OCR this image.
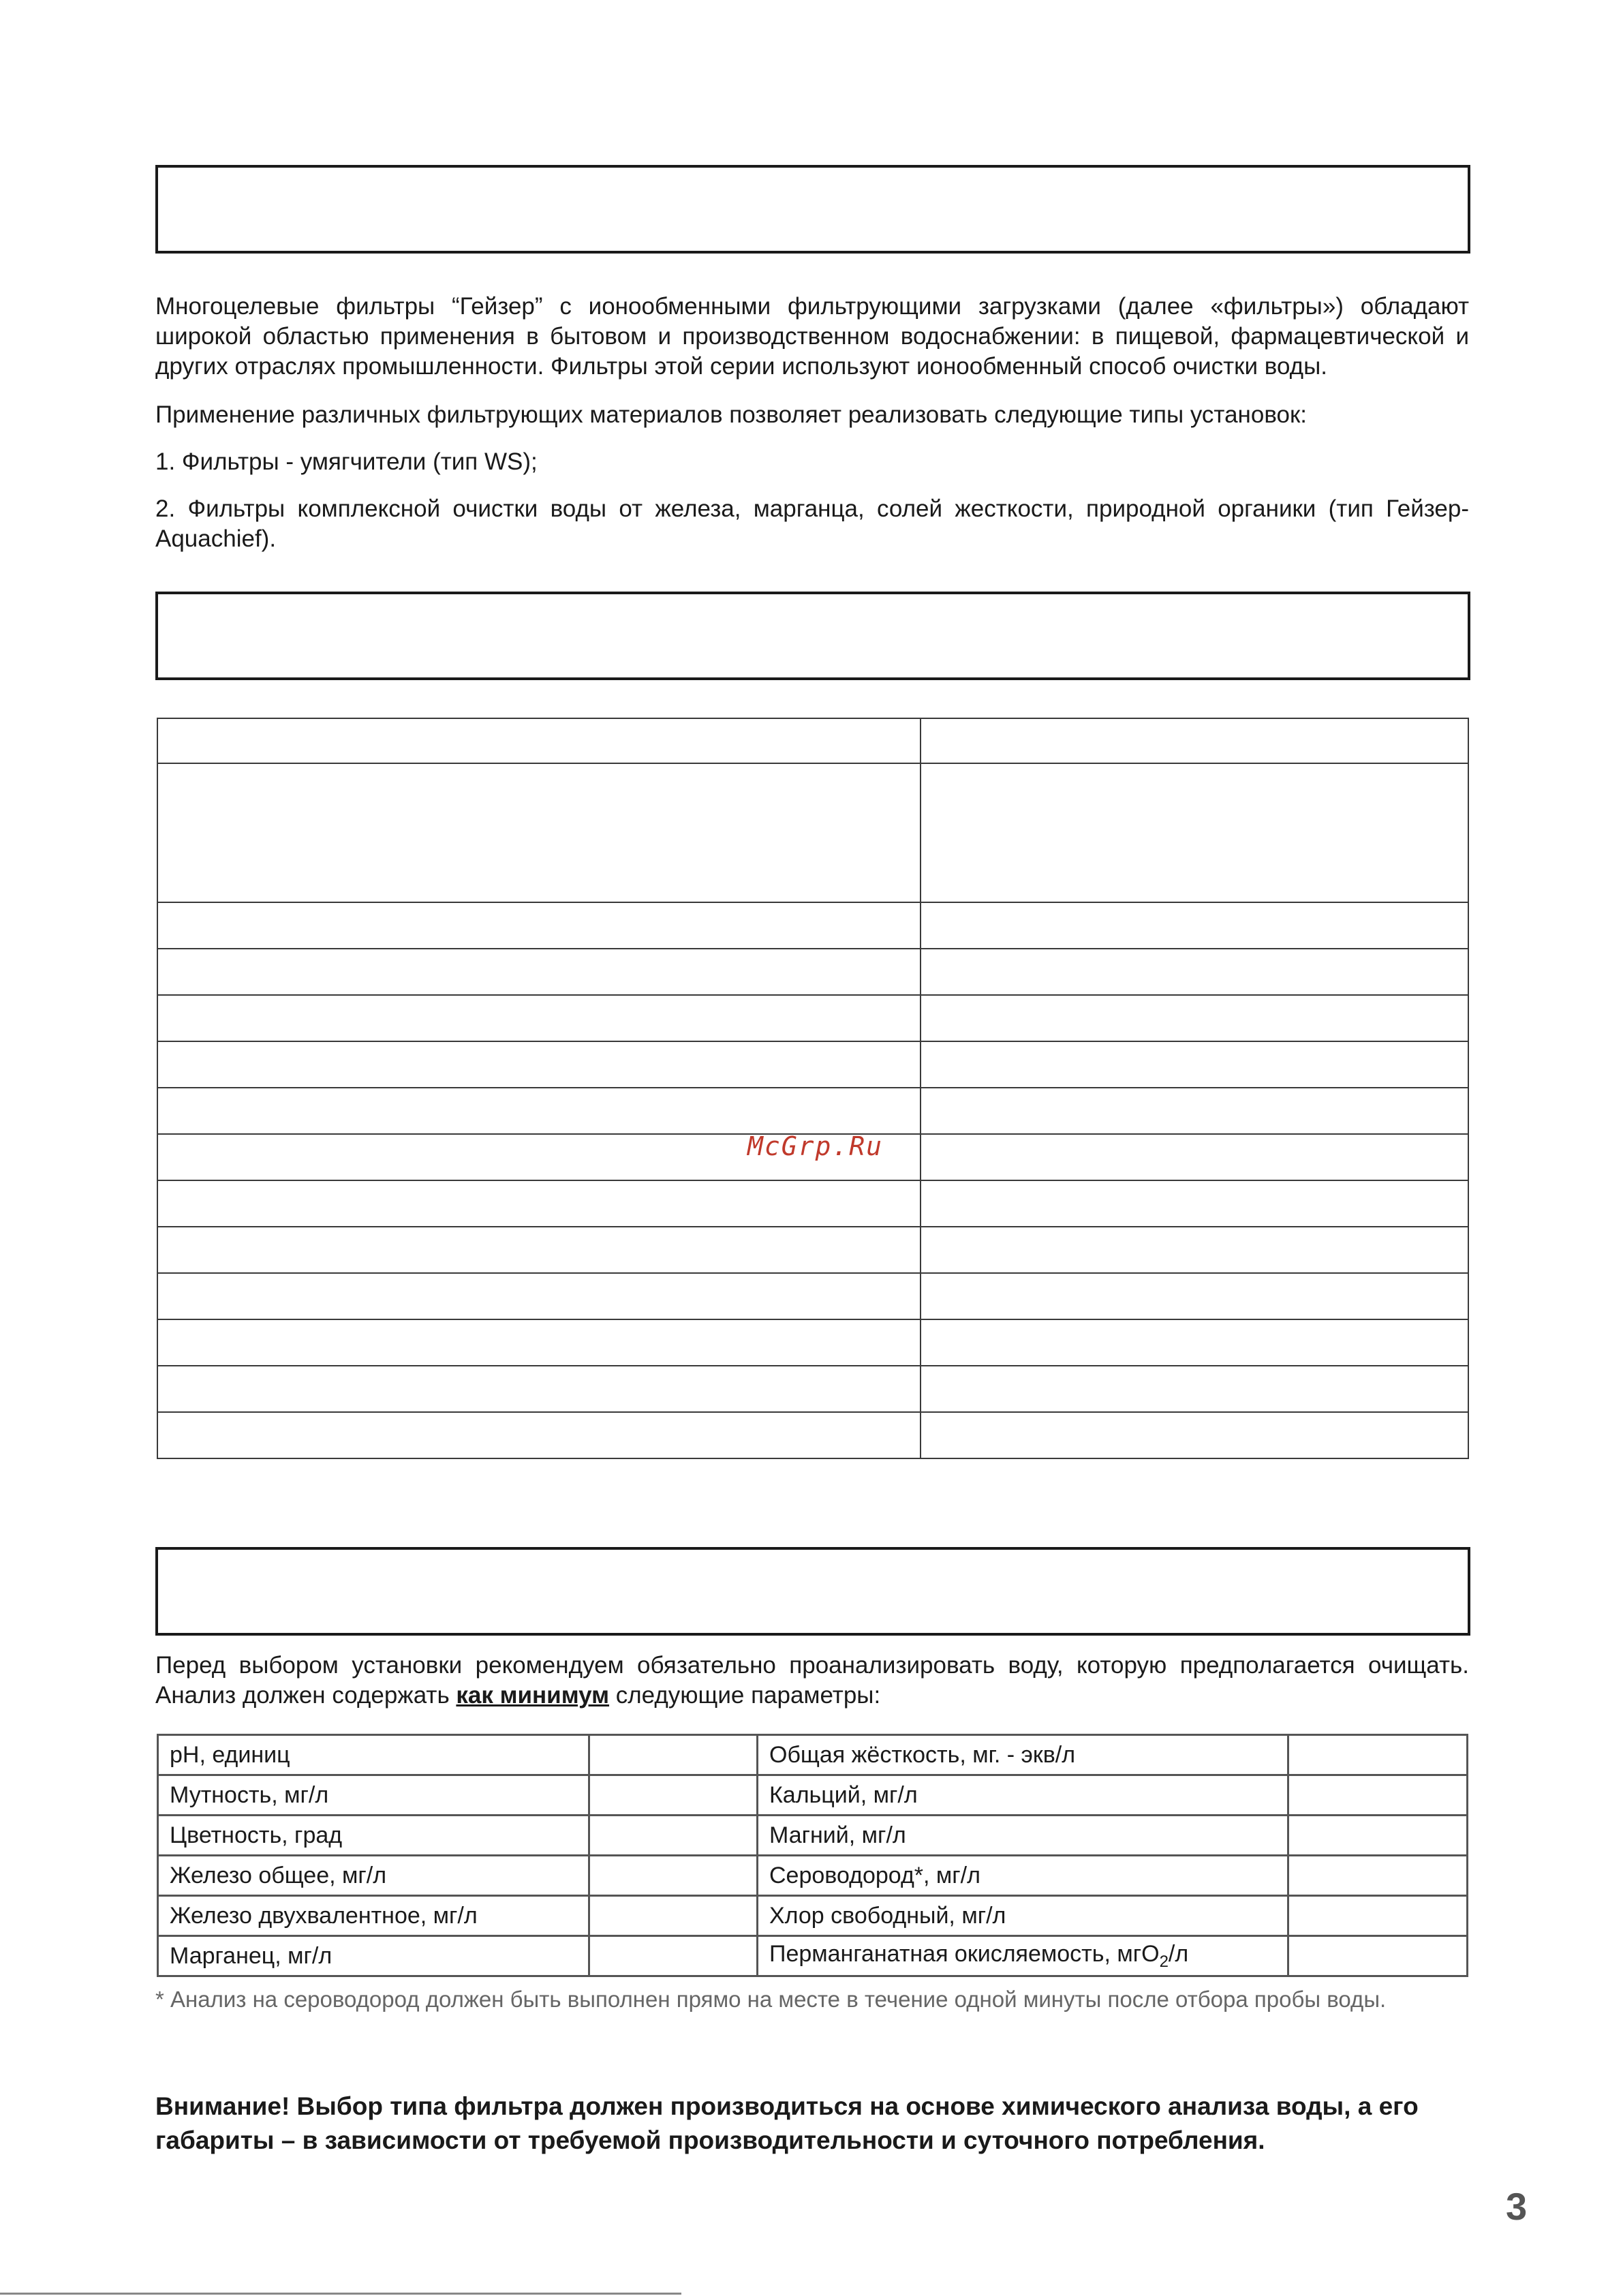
Многоцелевые фильтры “Гейзер” с ионообменными фильтрующими загрузками (далее «фильтры») обладают широкой областью применения в бытовом и производственном водоснабжении: в пищевой, фармацевтической и других отраслях промышленности. Фильтры этой серии используют ионообменный способ очистки воды.

Применение различных фильтрующих материалов позволяет реализовать следующие типы установок:

1. Фильтры - умягчители (тип WS);

2. Фильтры комплексной очистки воды от железа, марганца, солей жесткости, природной органики (тип Гейзер-Aquachief).

McGrp.Ru

Перед выбором установки рекомендуем обязательно проанализировать воду, которую предполагается очищать. Анализ должен содержать как минимум следующие параметры:

pH, единиц		Общая жёсткость, мг. - экв/л	
Мутность, мг/л		Кальций, мг/л	
Цветность, град		Магний, мг/л	
Железо общее, мг/л		Сероводород*, мг/л	
Железо двухвалентное, мг/л		Хлор свободный, мг/л	
Марганец, мг/л		Перманганатная окисляемость, мгО$_2$/л	

* Анализ на сероводород должен быть выполнен прямо на месте в течение одной минуты после отбора пробы воды.

Внимание! Выбор типа фильтра должен производиться на основе химического анализа воды, а его габариты – в зависимости от требуемой производительности и суточного потребления.

3
